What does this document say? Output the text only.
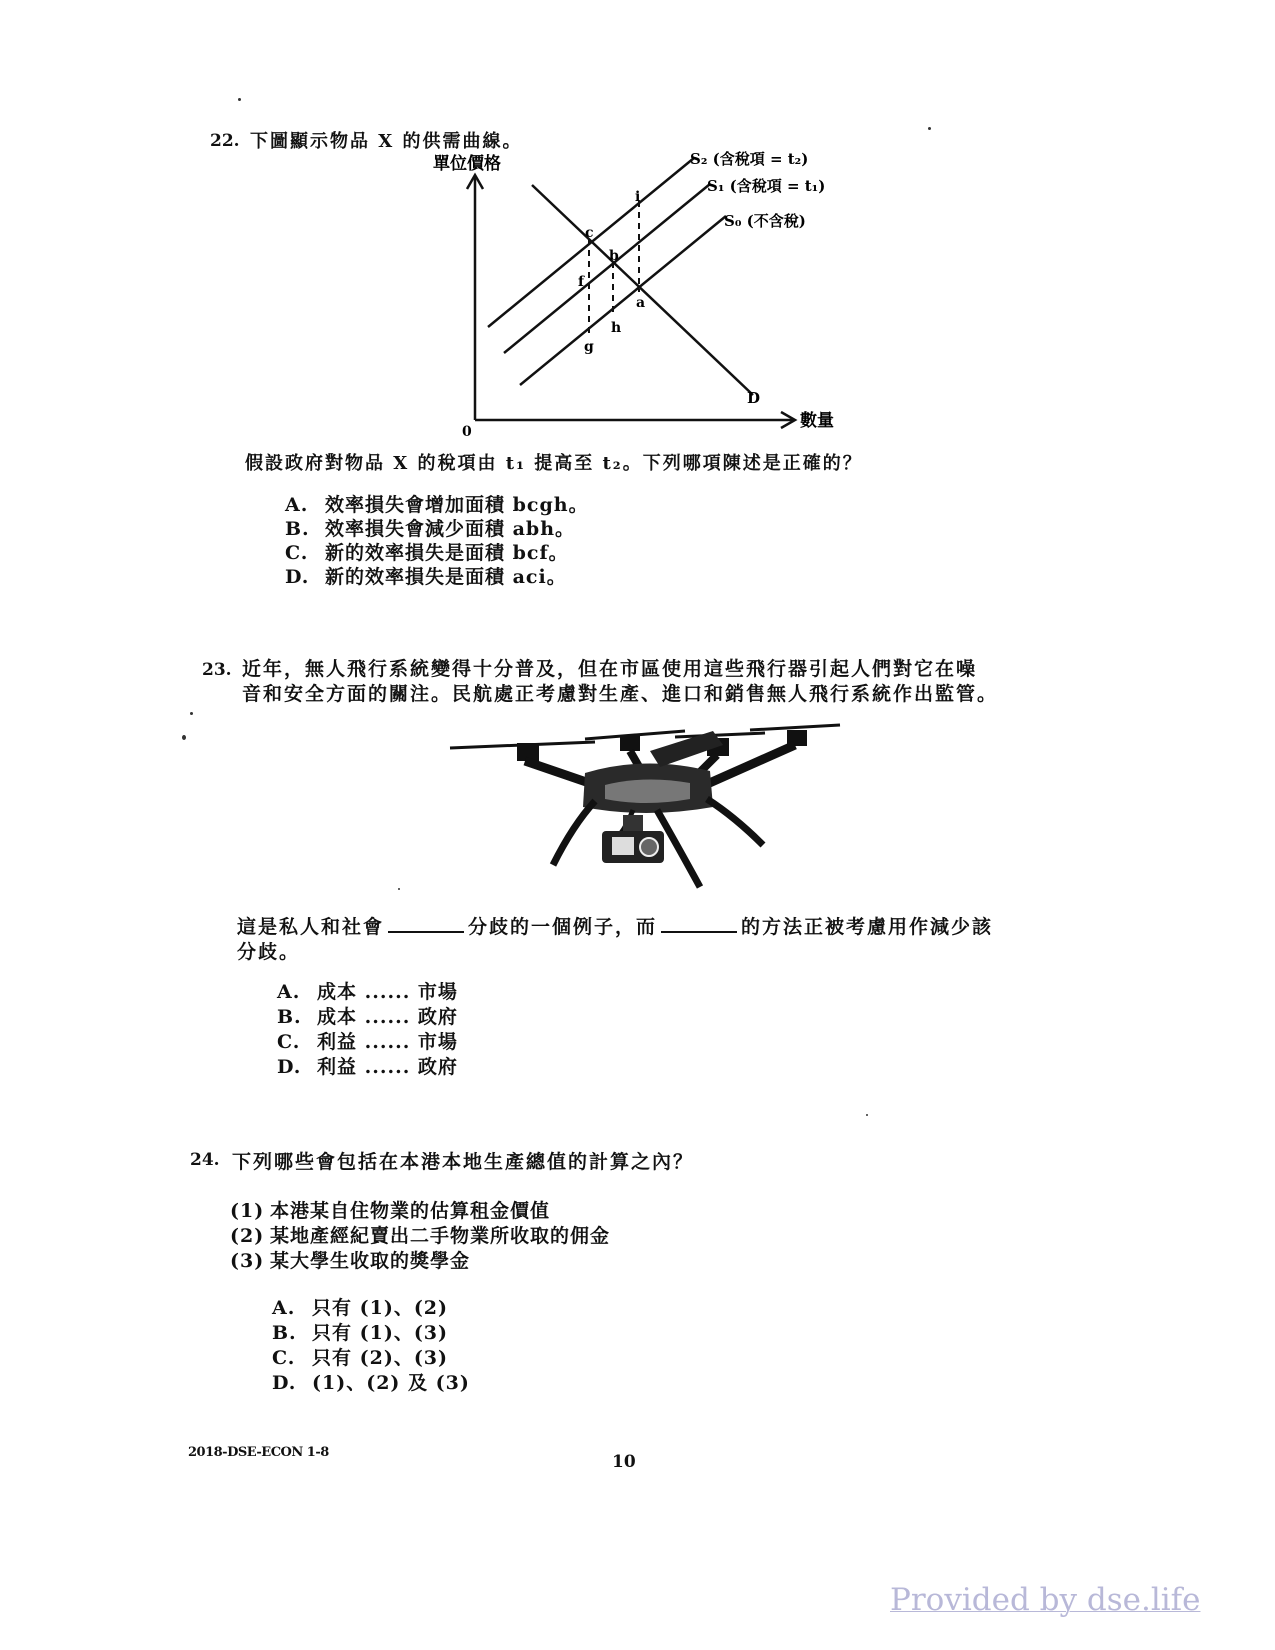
22. 下圖顯示物品 X 的供需曲線。
c
b
i
f
a
h
g
S₂ (含稅項 = t₂)
S₁ (含稅項 = t₁)
S₀ (不含稅)
D
單位價格
數量
0
假設政府對物品 X 的稅項由 t₁ 提高至 t₂。下列哪項陳述是正確的？
A. 效率損失會增加面積 bcgh。
B. 效率損失會減少面積 abh。
C. 新的效率損失是面積 bcf。
D. 新的效率損失是面積 aci。
23. 近年，無人飛行系統變得十分普及，但在市區使用這些飛行器引起人們對它在噪
音和安全方面的關注。民航處正考慮對生產、進口和銷售無人飛行系統作出監管。
這是私人和社會	分歧的一個例子，而	的方法正被考慮用作減少該
分歧。
A. 成本 ...... 市場
B. 成本 ...... 政府
C. 利益 ...... 市場
D. 利益 ...... 政府
24. 下列哪些會包括在本港本地生產總值的計算之內？
(1) 本港某自住物業的估算租金價值
(2) 某地產經紀賣出二手物業所收取的佣金
(3) 某大學生收取的獎學金
A. 只有 (1)、(2)
B. 只有 (1)、(3)
C. 只有 (2)、(3)
D. (1)、(2) 及 (3)
2018-DSE-ECON 1-8	10
Provided by dse.life
